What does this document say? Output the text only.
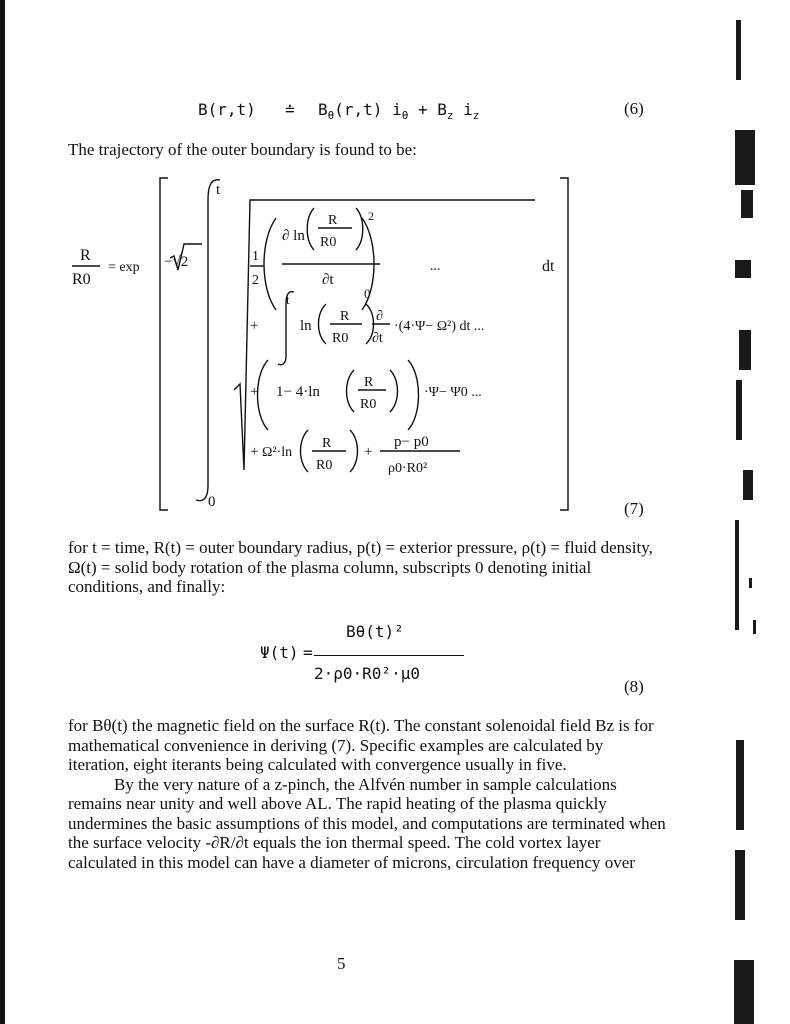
B(r,t) ≐ $B_\theta(r,t) i_\theta + B_z$ $i_z$	(6)
The trajectory of the outer boundary is found to be:
R
R0
= exp −√2
t
0
dt
1
2
∂ ln
R
R0
∂t
2
...
+
t	0
ln
R
R0
∂
∂t
·(4·Ψ− Ω²) dt ...
+ 1− 4·ln
R
R0
·Ψ− Ψ0 ...
+ Ω²·ln
R
R0
+
p− p0
ρ0·R0²
(7)

for t = time, R(t) = outer boundary radius, p(t) = exterior pressure, ρ(t) = fluid density, Ω(t) = solid body rotation of the plasma column, subscripts 0 denoting initial conditions, and finally:

Ψ(t) =
Bθ(t)²
2·ρ0·R0²·μ0
(8)

for Bθ(t) the magnetic field on the surface R(t). The constant solenoidal field Bz is for mathematical convenience in deriving (7). Specific examples are calculated by iteration, eight iterants being calculated with convergence usually in five.

By the very nature of a z-pinch, the Alfvén number in sample calculations remains near unity and well above AL. The rapid heating of the plasma quickly undermines the basic assumptions of this model, and computations are terminated when the surface velocity -∂R/∂t equals the ion thermal speed. The cold vortex layer calculated in this model can have a diameter of microns, circulation frequency over

5
